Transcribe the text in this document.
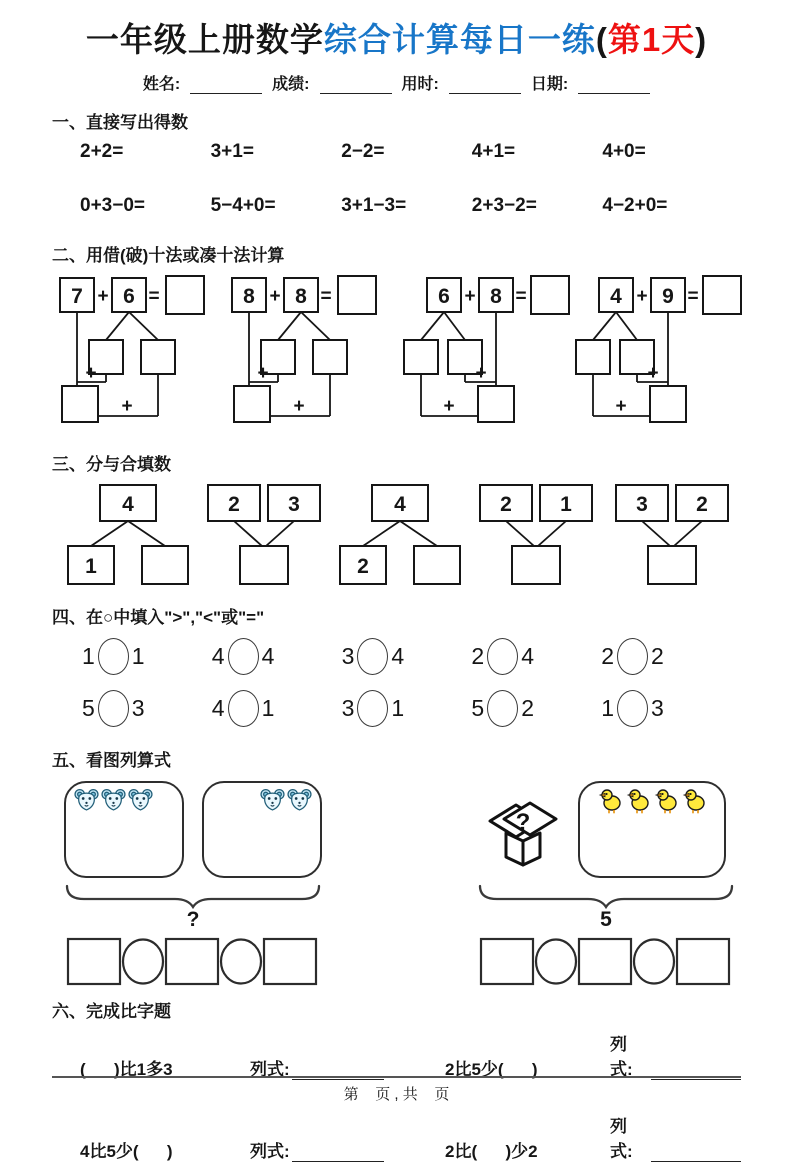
一年级上册数学综合计算每日一练(第1天)
姓名:	成绩:	用时:	日期:
一、直接写出得数
2+2=	3+1=	2−2=	4+1=	4+0=
0+3−0=	5−4+0=	3+1−3=	2+3−2=	4−2+0=
二、用借(破)十法或凑十法计算
7 + 6 =
+
+
8 + 8 =
+
+
6 + 8 =
+
+
4 + 9 =
+
+
三、分与合填数
4
1
2 3	4
2
2 1	3 2
四、在○中填入">","<"或"="
1 1	4 4	3 4	2 4	2 2
5 3	4 1	3 1	5 2	1 3
五、看图列算式
?
?
5
六、完成比字题
(      )比1多3	列式:	2比5少(      )
列式:
4比5少(      )	列式:	2比(      )少2
列式:
第    页 , 共    页
